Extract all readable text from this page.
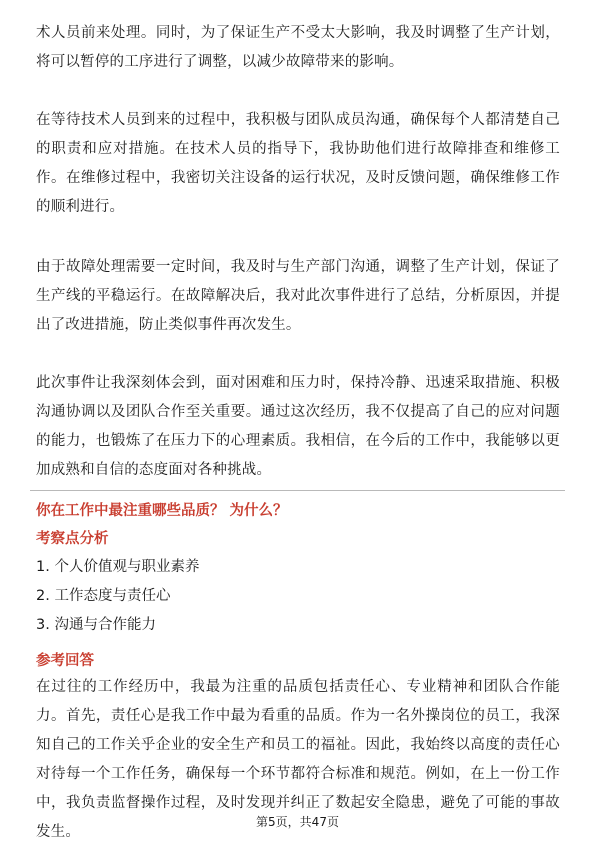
术人员前来处理。同时，为了保证生产不受太大影响，我及时调整了生产计划，将可以暂停的工序进行了调整，以减少故障带来的影响。

在等待技术人员到来的过程中，我积极与团队成员沟通，确保每个人都清楚自己的职责和应对措施。在技术人员的指导下，我协助他们进行故障排查和维修工作。在维修过程中，我密切关注设备的运行状况，及时反馈问题，确保维修工作的顺利进行。

由于故障处理需要一定时间，我及时与生产部门沟通，调整了生产计划，保证了生产线的平稳运行。在故障解决后，我对此次事件进行了总结，分析原因，并提出了改进措施，防止类似事件再次发生。

此次事件让我深刻体会到，面对困难和压力时，保持冷静、迅速采取措施、积极沟通协调以及团队合作至关重要。通过这次经历，我不仅提高了自己的应对问题的能力，也锻炼了在压力下的心理素质。我相信，在今后的工作中，我能够以更加成熟和自信的态度面对各种挑战。

你在工作中最注重哪些品质？ 为什么？

考察点分析

1. 个人价值观与职业素养

2. 工作态度与责任心

3. 沟通与合作能力

参考回答

在过往的工作经历中，我最为注重的品质包括责任心、专业精神和团队合作能力。首先，责任心是我工作中最为看重的品质。作为一名外操岗位的员工，我深知自己的工作关乎企业的安全生产和员工的福祉。因此，我始终以高度的责任心对待每一个工作任务，确保每一个环节都符合标准和规范。例如，在上一份工作中，我负责监督操作过程，及时发现并纠正了数起安全隐患，避免了可能的事故发生。

第5页，共47页
